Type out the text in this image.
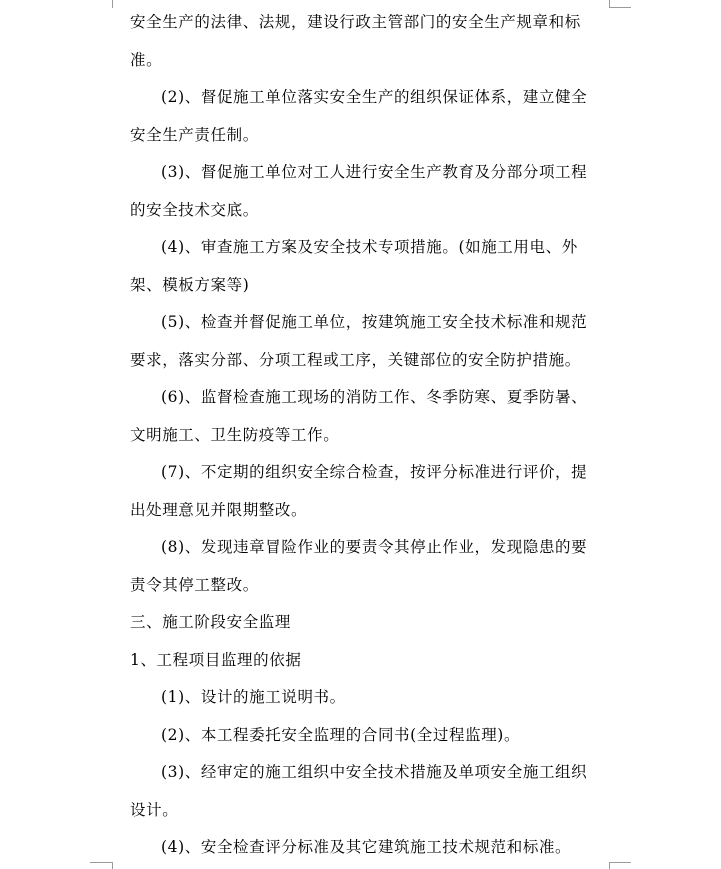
安全生产的法律、法规，建设行政主管部门的安全生产规章和标
准。
(2)、督促施工单位落实安全生产的组织保证体系，建立健全
安全生产责任制。
(3)、督促施工单位对工人进行安全生产教育及分部分项工程
的安全技术交底。
(4)、审查施工方案及安全技术专项措施。(如施工用电、外
架、模板方案等)
(5)、检查并督促施工单位，按建筑施工安全技术标准和规范
要求，落实分部、分项工程或工序，关键部位的安全防护措施。
(6)、监督检查施工现场的消防工作、冬季防寒、夏季防暑、
文明施工、卫生防疫等工作。
(7)、不定期的组织安全综合检查，按评分标准进行评价，提
出处理意见并限期整改。
(8)、发现违章冒险作业的要责令其停止作业，发现隐患的要
责令其停工整改。
三、施工阶段安全监理
1、工程项目监理的依据
(1)、设计的施工说明书。
(2)、本工程委托安全监理的合同书(全过程监理)。
(3)、经审定的施工组织中安全技术措施及单项安全施工组织
设计。
(4)、安全检查评分标准及其它建筑施工技术规范和标准。
